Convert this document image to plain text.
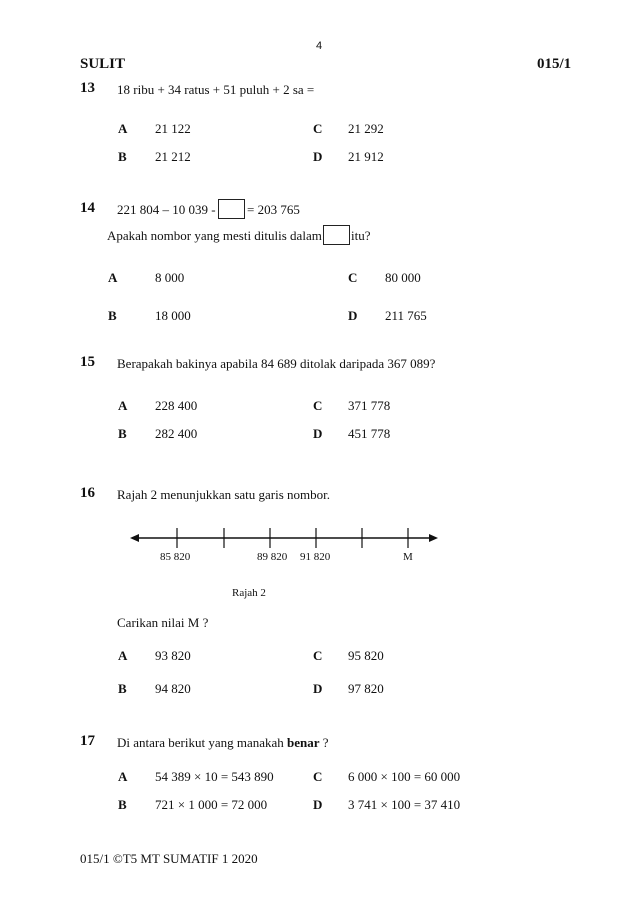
4
SULIT	015/1
13 18 ribu + 34 ratus + 51 puluh + 2 sa =
A 21 122	C 21 292
B 21 212	D 21 912
14 221 804 – 10 039 - = 203 765
Apakah nombor yang mesti ditulis dalam itu?
A	8 000	C 80 000
B	18 000	D 211 765
15 Berapakah bakinya apabila 84 689 ditolak daripada 367 089?
A 228 400	C 371 778
B 282 400	D 451 778
16 Rajah 2 menunjukkan satu garis nombor.
85 820	89 820 91 820	M
Rajah 2
Carikan nilai M ?
A 93 820	C 95 820
B 94 820	D 97 820
17 Di antara berikut yang manakah benar ?
A 54 389 × 10 = 543 890	C 6 000 × 100 = 60 000
B 721 × 1 000 = 72 000	D 3 741 × 100 = 37 410
015/1 ©T5 MT SUMATIF 1 2020
